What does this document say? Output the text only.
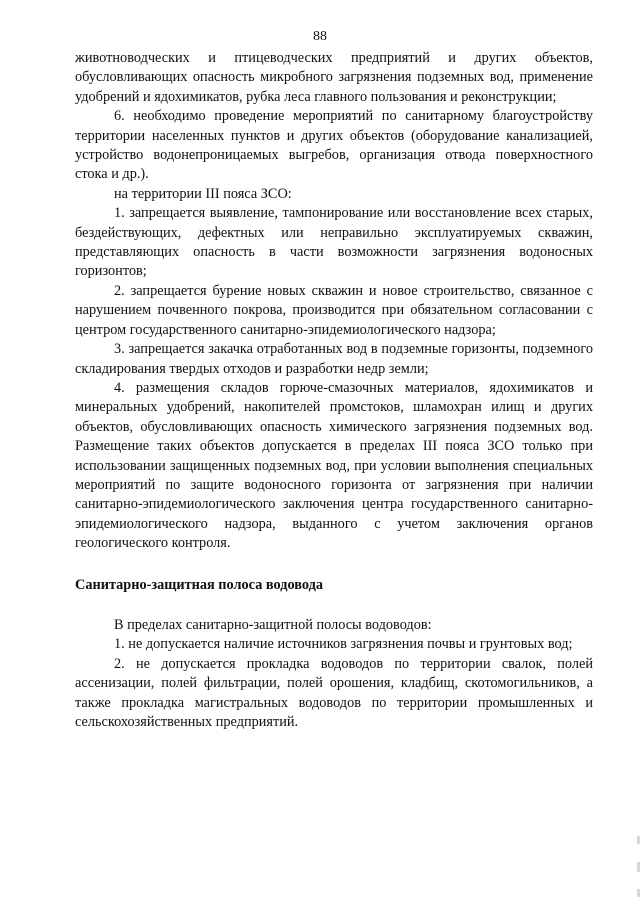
88

животноводческих и птицеводческих предприятий и других объектов, обусловливающих опасность микробного загрязнения подземных вод, применение удобрений и ядохимикатов, рубка леса главного пользования и реконструкции;

6. необходимо проведение мероприятий по санитарному благоустройству территории населенных пунктов и других объектов (оборудование канализацией, устройство водонепроницаемых выгребов, организация отвода поверхностного стока и др.).

на территории III пояса ЗСО:

1. запрещается выявление, тампонирование или восстановление всех старых, бездействующих, дефектных или неправильно эксплуатируемых скважин, представляющих опасность в части возможности загрязнения водоносных горизонтов;

2. запрещается бурение новых скважин и новое строительство, связанное с нарушением почвенного покрова, производится при обязательном согласовании с центром государственного санитарно-эпидемиологического надзора;

3. запрещается закачка отработанных вод в подземные горизонты, подземного складирования твердых отходов и разработки недр земли;

4. размещения складов горюче-смазочных материалов, ядохимикатов и минеральных удобрений, накопителей промстоков, шламохран илищ и других объектов, обусловливающих опасность химического загрязнения подземных вод. Размещение таких объектов допускается в пределах III пояса ЗСО только при использовании защищенных подземных вод, при условии выполнения специальных мероприятий по защите водоносного горизонта от загрязнения при наличии санитарно-эпидемиологического заключения центра государственного санитарно-эпидемиологического надзора, выданного с учетом заключения органов геологического контроля.

Санитарно-защитная полоса водовода

В пределах санитарно-защитной полосы водоводов:

1. не допускается наличие источников загрязнения почвы и грунтовых вод;

2. не допускается прокладка водоводов по территории свалок, полей ассенизации, полей фильтрации, полей орошения, кладбищ, скотомогильников, а также прокладка магистральных водоводов по территории промышленных и сельскохозяйственных предприятий.
